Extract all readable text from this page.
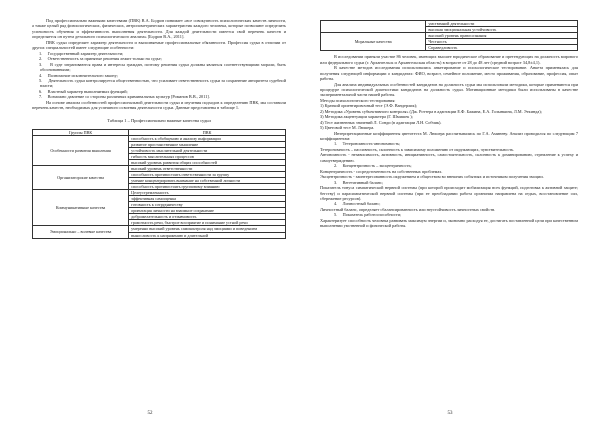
Под профессионально важными качествами (ПВК) В.А. Бодров понимает «все совокупность психологических качеств личности, а также целый ряд физиологических, физических, антропометрических характеристик каждого человека, которые позволяют определить успешность обучения и эффективность выполнения деятельности. Для каждой деятельности имеется свой перечень качеств и определяется он путем детального психологического анализа» [Бодров В.А., 2011].

ПВК судьи определяет характер деятельности и выполняемые профессиональные обязанности. Профессия судьи в отличии от других специальностей имеет следующие особенности:

1.     Государственный характер деятельности;

2.     Ответственность за принятые решения лежит только на судье;

3.     В суде затрагиваются права и интересы граждан, поэтому решения судьи должны являться соответствующими морали, быть обоснованными;

4.     Полномочие исключительного закону;

5.     Деятельность судьи контролируется общественностью, что усиливает ответственность судьи за сохранение авторитета судебной власти;

6.     Властный характер выполняемых функций;

7.     Возможно давление со стороны различных криминальных культур [Романов В.В., 2011].

На основе анализа особенностей профессиональной деятельности судьи и изучения подходов к определению ПВК, мы составили перечень качеств, необходимых для успешного освоения деятельности судьи. Данные представлены в таблице 1.

Таблица 1 – Профессионально важные качества судьи
Группы ПВК	ПВК
Особенности развития мышления	способность к обобщению и анализу информации
	развитое простанственное мышление
	устойчивость мыслительной деятельности
	гибкость мыслительных процессов
	высокий уровень развития общих способностей
Организаторские качества	высокий уровень ответственности
	способность противостоять ответственности за группу
	умение концентрировать внимание на собственной личности
	способность противостоять групповому влиянию
Коммуникативные качества	Целеустремленность
	эффективная самооценка
	готовность к сотрудничеству
	ориентация личности на взаимное сохранение
	доброжелательность и отзывчивость
	грамотность речи, быстрое восприятие и понимание устной речи
Эмоционально – волевые качества	умеренно высокий уровень самоконтроля над эмоциями и поведением
	выносливость к напряжению и длительной
52
	умственной деятельности
	высокая эмоциональная устойчивость
Моральные качества	высокий уровень правосознания
	Честность
	Справедливость

В исследовании приняли участие 86 человек, имеющих высшее юридическое образование и претендующих на должность мирового или федерального судьи (г. Архангельск и Архангельская область) в возрасте от 28 до 48 лет (средний возраст 34,8±4,1).

В качестве методов исследования использовались анкетирование и психологическое тестирование. Анкета применялась для получения следующей информации о кандидатах: ФИО, возраст, семейное положение, место проживания, образование, профессия, опыт работы.

Для анализа индивидуальных особенностей кандидатов на должность судьи мы использовали методики, которые применяются при процедуре психологической диагностики кандидатов на должность судьи. Мотивационные методики были использованы в качестве экспериментальной части нашей работы.

Методы психологического тестирования:

1) Краткий ориентировочный тест (Э.Ф. Вандерлик);

2) Методика «Уровень субъективного контроля» (Дж. Роттера в адаптации Е.Ф. Бажина, Е.А. Голынкина, Л.М. Эткинда);

3) Методика акцентуации характера (Г. Шмишек );

4) Тест жизненных значений Л. Сонди (в адаптации Л.Н. Собчик).

5) Цветовой тест М. Люшера.

Интерпретационные коэффициенты цветотеста М. Люшера рассчитывались по Г.А. Аминеву. Анализ проводился по следующим 7 коэффициентам:

1.     Тетерономность-автономность;

Тетерономность – пассивность, склонность к зависимому положению от окружающих, чувствительность.

Автономность - независимость, активность, инициативность, самостоятельность, склонность к доминированию, стремление к успеху и самоутверждению.

2.     Концентричность – эксцентричность;

Концентричность - сосредоточенность на собственных проблемах.

Эксцентричность - заинтересованность окружением и обществом во внешних событиях и источником получения эмоции.

3.     Вегетативный баланс;

Показатель тонуса симпатической нервной системы (при которой происходит мобилизация всех функций, подготовка к активной защите; бегству) и парасимпатической нервной системы (при ее преобладании работа организма направлена на отдых, восстановление сил, сбережение ресурсов).

4.     Личностный баланс;

Личностный баланс, определяет сбалансированность или неустойчивость личностных свойств.

5.     Показатель работоспособности;

Характеризует способность человека развивать максимум энергии и, экономно расходуя ее, достигать поставленной цели при качественном выполнении умственной и физической работы.

53
